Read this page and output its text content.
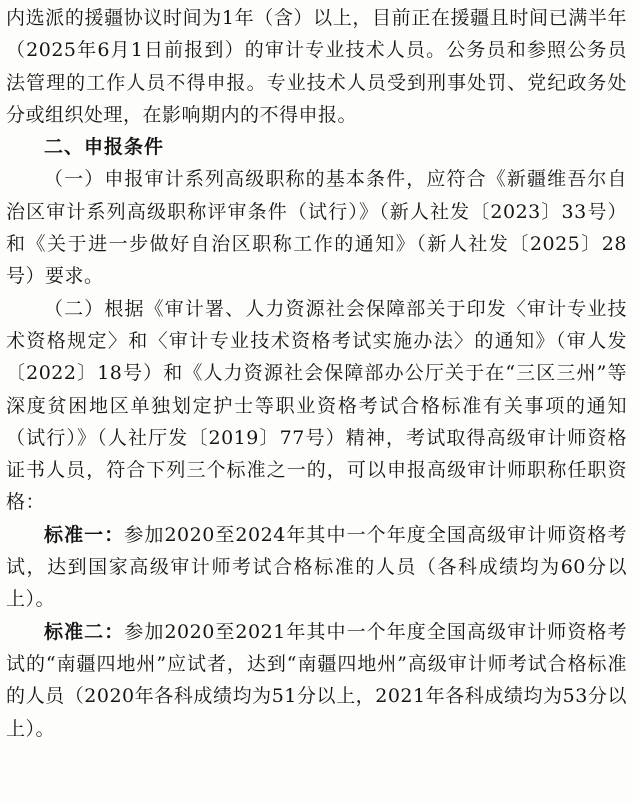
内选派的援疆协议时间为1年（含）以上，目前正在援疆且时间已满半年（2025年6月1日前报到）的审计专业技术人员。公务员和参照公务员法管理的工作人员不得申报。专业技术人员受到刑事处罚、党纪政务处分或组织处理，在影响期内的不得申报。

二、申报条件

（一）申报审计系列高级职称的基本条件，应符合《新疆维吾尔自治区审计系列高级职称评审条件（试行）》（新人社发〔2023〕33号）和《关于进一步做好自治区职称工作的通知》（新人社发〔2025〕28号）要求。

（二）根据《审计署、人力资源社会保障部关于印发〈审计专业技术资格规定〉和〈审计专业技术资格考试实施办法〉的通知》（审人发〔2022〕18号）和《人力资源社会保障部办公厅关于在“三区三州”等深度贫困地区单独划定护士等职业资格考试合格标准有关事项的通知（试行）》（人社厅发〔2019〕77号）精神，考试取得高级审计师资格证书人员，符合下列三个标准之一的，可以申报高级审计师职称任职资格：

标准一：参加2020至2024年其中一个年度全国高级审计师资格考试，达到国家高级审计师考试合格标准的人员（各科成绩均为60分以上）。

标准二：参加2020至2021年其中一个年度全国高级审计师资格考试的“南疆四地州”应试者，达到“南疆四地州”高级审计师考试合格标准的人员（2020年各科成绩均为51分以上，2021年各科成绩均为53分以上）。
